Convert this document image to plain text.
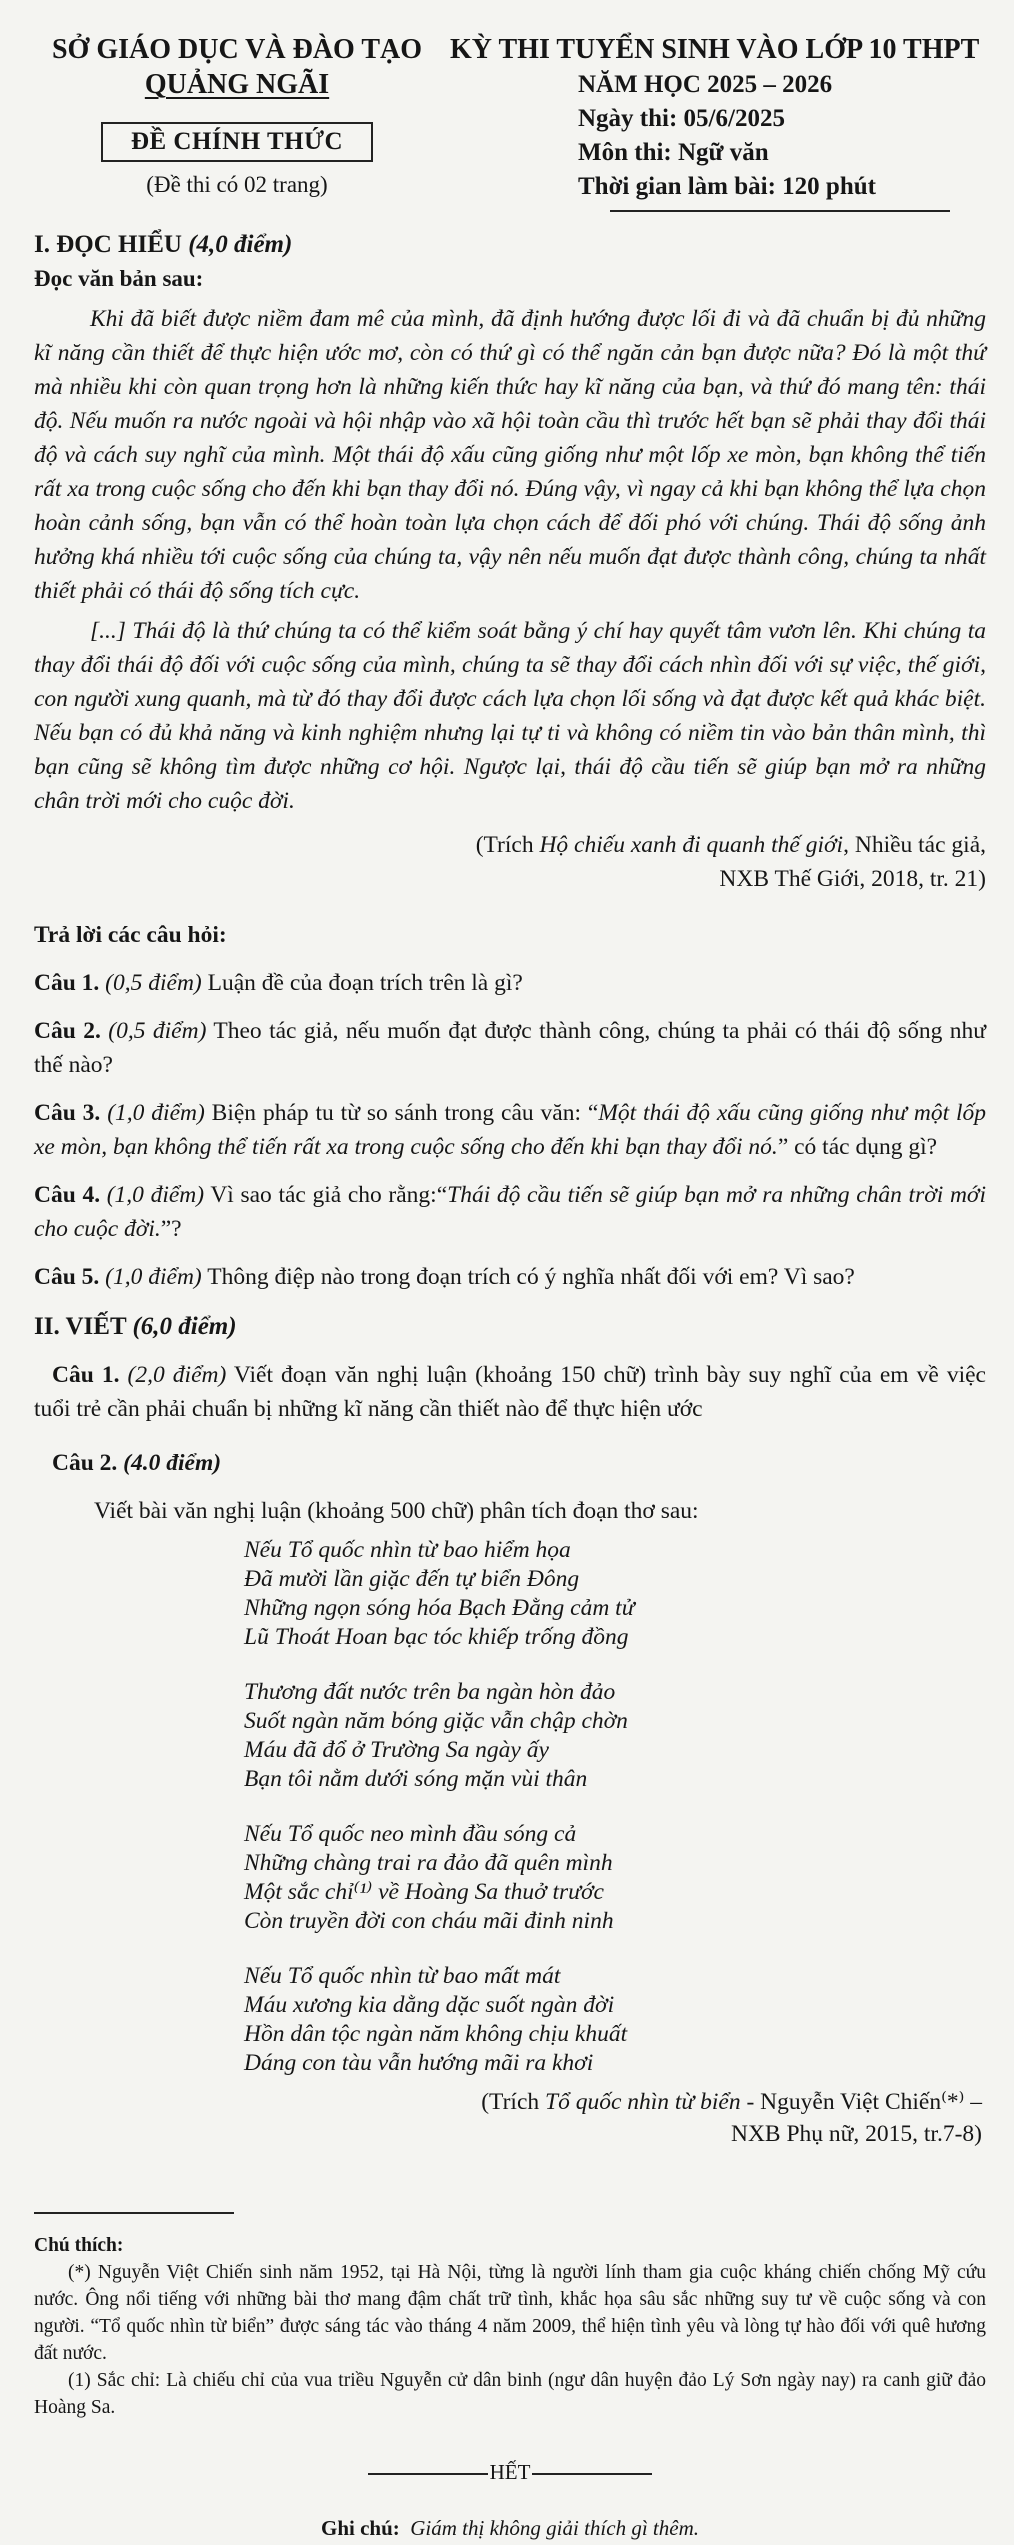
SỞ GIÁO DỤC VÀ ĐÀO TẠO
QUẢNG NGÃI
ĐỀ CHÍNH THỨC
(Đề thi có 02 trang)
KỲ THI TUYỂN SINH VÀO LỚP 10 THPT
NĂM HỌC 2025 – 2026
Ngày thi: 05/6/2025
Môn thi: Ngữ văn
Thời gian làm bài: 120 phút
I. ĐỌC HIỂU (4,0 điểm)
Đọc văn bản sau:

Khi đã biết được niềm đam mê của mình, đã định hướng được lối đi và đã chuẩn bị đủ những kĩ năng cần thiết để thực hiện ước mơ, còn có thứ gì có thể ngăn cản bạn được nữa? Đó là một thứ mà nhiều khi còn quan trọng hơn là những kiến thức hay kĩ năng của bạn, và thứ đó mang tên: thái độ. Nếu muốn ra nước ngoài và hội nhập vào xã hội toàn cầu thì trước hết bạn sẽ phải thay đổi thái độ và cách suy nghĩ của mình. Một thái độ xấu cũng giống như một lốp xe mòn, bạn không thể tiến rất xa trong cuộc sống cho đến khi bạn thay đổi nó. Đúng vậy, vì ngay cả khi bạn không thể lựa chọn hoàn cảnh sống, bạn vẫn có thể hoàn toàn lựa chọn cách để đối phó với chúng. Thái độ sống ảnh hưởng khá nhiều tới cuộc sống của chúng ta, vậy nên nếu muốn đạt được thành công, chúng ta nhất thiết phải có thái độ sống tích cực.

[...] Thái độ là thứ chúng ta có thể kiểm soát bằng ý chí hay quyết tâm vươn lên. Khi chúng ta thay đổi thái độ đối với cuộc sống của mình, chúng ta sẽ thay đổi cách nhìn đối với sự việc, thế giới, con người xung quanh, mà từ đó thay đổi được cách lựa chọn lối sống và đạt được kết quả khác biệt. Nếu bạn có đủ khả năng và kinh nghiệm nhưng lại tự ti và không có niềm tin vào bản thân mình, thì bạn cũng sẽ không tìm được những cơ hội. Ngược lại, thái độ cầu tiến sẽ giúp bạn mở ra những chân trời mới cho cuộc đời.

(Trích Hộ chiếu xanh đi quanh thế giới, Nhiều tác giả,
NXB Thế Giới, 2018, tr. 21)
Trả lời các câu hỏi:

Câu 1. (0,5 điểm) Luận đề của đoạn trích trên là gì?

Câu 2. (0,5 điểm) Theo tác giả, nếu muốn đạt được thành công, chúng ta phải có thái độ sống như thế nào?

Câu 3. (1,0 điểm) Biện pháp tu từ so sánh trong câu văn: “Một thái độ xấu cũng giống như một lốp xe mòn, bạn không thể tiến rất xa trong cuộc sống cho đến khi bạn thay đổi nó.” có tác dụng gì?

Câu 4. (1,0 điểm) Vì sao tác giả cho rằng:“Thái độ cầu tiến sẽ giúp bạn mở ra những chân trời mới cho cuộc đời.”?

Câu 5. (1,0 điểm) Thông điệp nào trong đoạn trích có ý nghĩa nhất đối với em? Vì sao?

II. VIẾT (6,0 điểm)

Câu 1. (2,0 điểm) Viết đoạn văn nghị luận (khoảng 150 chữ) trình bày suy nghĩ của em về việc tuổi trẻ cần phải chuẩn bị những kĩ năng cần thiết nào để thực hiện ước

Câu 2. (4.0 điểm)

Viết bài văn nghị luận (khoảng 500 chữ) phân tích đoạn thơ sau:
Nếu Tổ quốc nhìn từ bao hiểm họa
Đã mười lần giặc đến tự biển Đông
Những ngọn sóng hóa Bạch Đằng cảm tử
Lũ Thoát Hoan bạc tóc khiếp trống đồng
Thương đất nước trên ba ngàn hòn đảo
Suốt ngàn năm bóng giặc vẫn chập chờn
Máu đã đổ ở Trường Sa ngày ấy
Bạn tôi nằm dưới sóng mặn vùi thân
Nếu Tổ quốc neo mình đầu sóng cả
Những chàng trai ra đảo đã quên mình
Một sắc chỉ⁽¹⁾ về Hoàng Sa thuở trước
Còn truyền đời con cháu mãi đinh ninh
Nếu Tổ quốc nhìn từ bao mất mát
Máu xương kia dằng dặc suốt ngàn đời
Hồn dân tộc ngàn năm không chịu khuất
Dáng con tàu vẫn hướng mãi ra khơi
(Trích Tổ quốc nhìn từ biển - Nguyễn Việt Chiến⁽*⁾ –
NXB Phụ nữ, 2015, tr.7-8)
Chú thích:

(*) Nguyễn Việt Chiến sinh năm 1952, tại Hà Nội, từng là người lính tham gia cuộc kháng chiến chống Mỹ cứu nước. Ông nổi tiếng với những bài thơ mang đậm chất trữ tình, khắc họa sâu sắc những suy tư về cuộc sống và con người. “Tổ quốc nhìn từ biển” được sáng tác vào tháng 4 năm 2009, thể hiện tình yêu và lòng tự hào đối với quê hương đất nước.

(1) Sắc chỉ: Là chiếu chỉ của vua triều Nguyễn cử dân binh (ngư dân huyện đảo Lý Sơn ngày nay) ra canh giữ đảo Hoàng Sa.

HẾT
Ghi chú: Giám thị không giải thích gì thêm.
